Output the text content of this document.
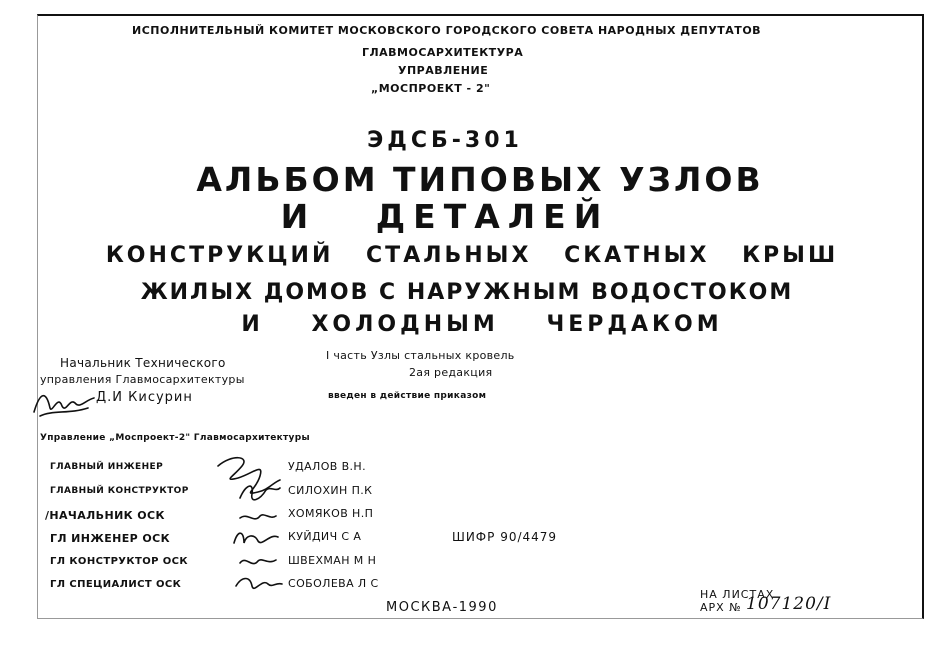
ИСПОЛНИТЕЛЬНЫЙ КОМИТЕТ МОСКОВСКОГО ГОРОДСКОГО СОВЕТА НАРОДНЫХ ДЕПУТАТОВ
ГЛАВМОСАРХИТЕКТУРА
УПРАВЛЕНИЕ
„МОСПРОЕКТ - 2"
ЭДСБ-301
АЛЬБОМ ТИПОВЫХ УЗЛОВ
И ДЕТАЛЕЙ
КОНСТРУКЦИЙ СТАЛЬНЫХ СКАТНЫХ КРЫШ
ЖИЛЫХ ДОМОВ С НАРУЖНЫМ ВОДОСТОКОМ
И ХОЛОДНЫМ ЧЕРДАКОМ
Начальник Технического
управления Главмосархитектуры
Д.И Кисурин
I часть Узлы стальных кровель
2ая редакция
введен в действие приказом
Управление „Моспроект-2" Главмосархитектуры
ГЛАВНЫЙ ИНЖЕНЕР	УДАЛОВ В.Н.
ГЛАВНЫЙ КОНСТРУКТОР	СИЛОХИН П.К
/НАЧАЛЬНИК ОСК	ХОМЯКОВ Н.П
ГЛ ИНЖЕНЕР ОСК	КУЙДИЧ С А
ГЛ КОНСТРУКТОР ОСК	ШВЕХМАН М Н
ГЛ СПЕЦИАЛИСТ ОСК	СОБОЛЕВА Л С
ШИФР 90/4479
МОСКВА-1990
НА ЛИСТАХ
АРХ № 107120/I
